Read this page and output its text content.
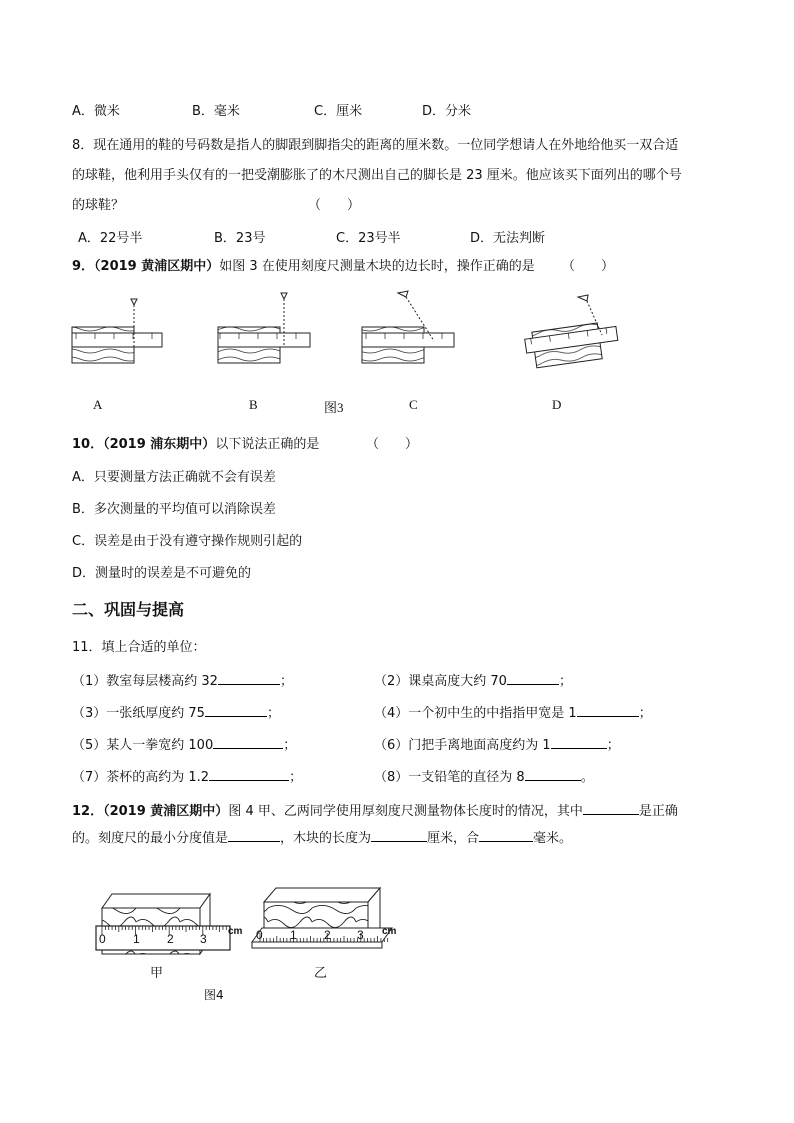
A．微米	B．毫米	C．厘米	D．分米
8．现在通用的鞋的号码数是指人的脚跟到脚指尖的距离的厘米数。一位同学想请人在外地给他买一双合适
的球鞋，他利用手头仅有的一把受潮膨胀了的木尺测出自己的脚长是 23 厘米。他应该买下面列出的哪个号
的球鞋？	（　　）
A．22号半	B．23号	C．23号半	D．无法判断
9．（2019 黄浦区期中）如图 3 在使用刻度尺测量木块的边长时，操作正确的是 （　　）
A	B	图3	C	D
10．（2019 浦东期中）以下说法正确的是	（　　）
A．只要测量方法正确就不会有误差
B．多次测量的平均值可以消除误差
C．误差是由于没有遵守操作规则引起的
D．测量时的误差是不可避免的
二、巩固与提高
11．填上合适的单位：
（1）教室每层楼高约 32	；	（2）课桌高度大约 70	；
（3）一张纸厚度约 75	；	（4）一个初中生的中指指甲宽是 1	；
（5）某人一拳宽约 100	；	（6）门把手离地面高度约为 1	；
（7）茶杯的高约为 1.2	；	（8）一支铅笔的直径为 8	。
12．（2019 黄浦区期中）图 4 甲、乙两同学使用厚刻度尺测量物体长度时的情况，其中	是正确
的。刻度尺的最小分度值是	，木块的长度为	厘米，合	毫米。
cm	cm
0 1 2 3	0 1 2 3
甲	乙
图4
